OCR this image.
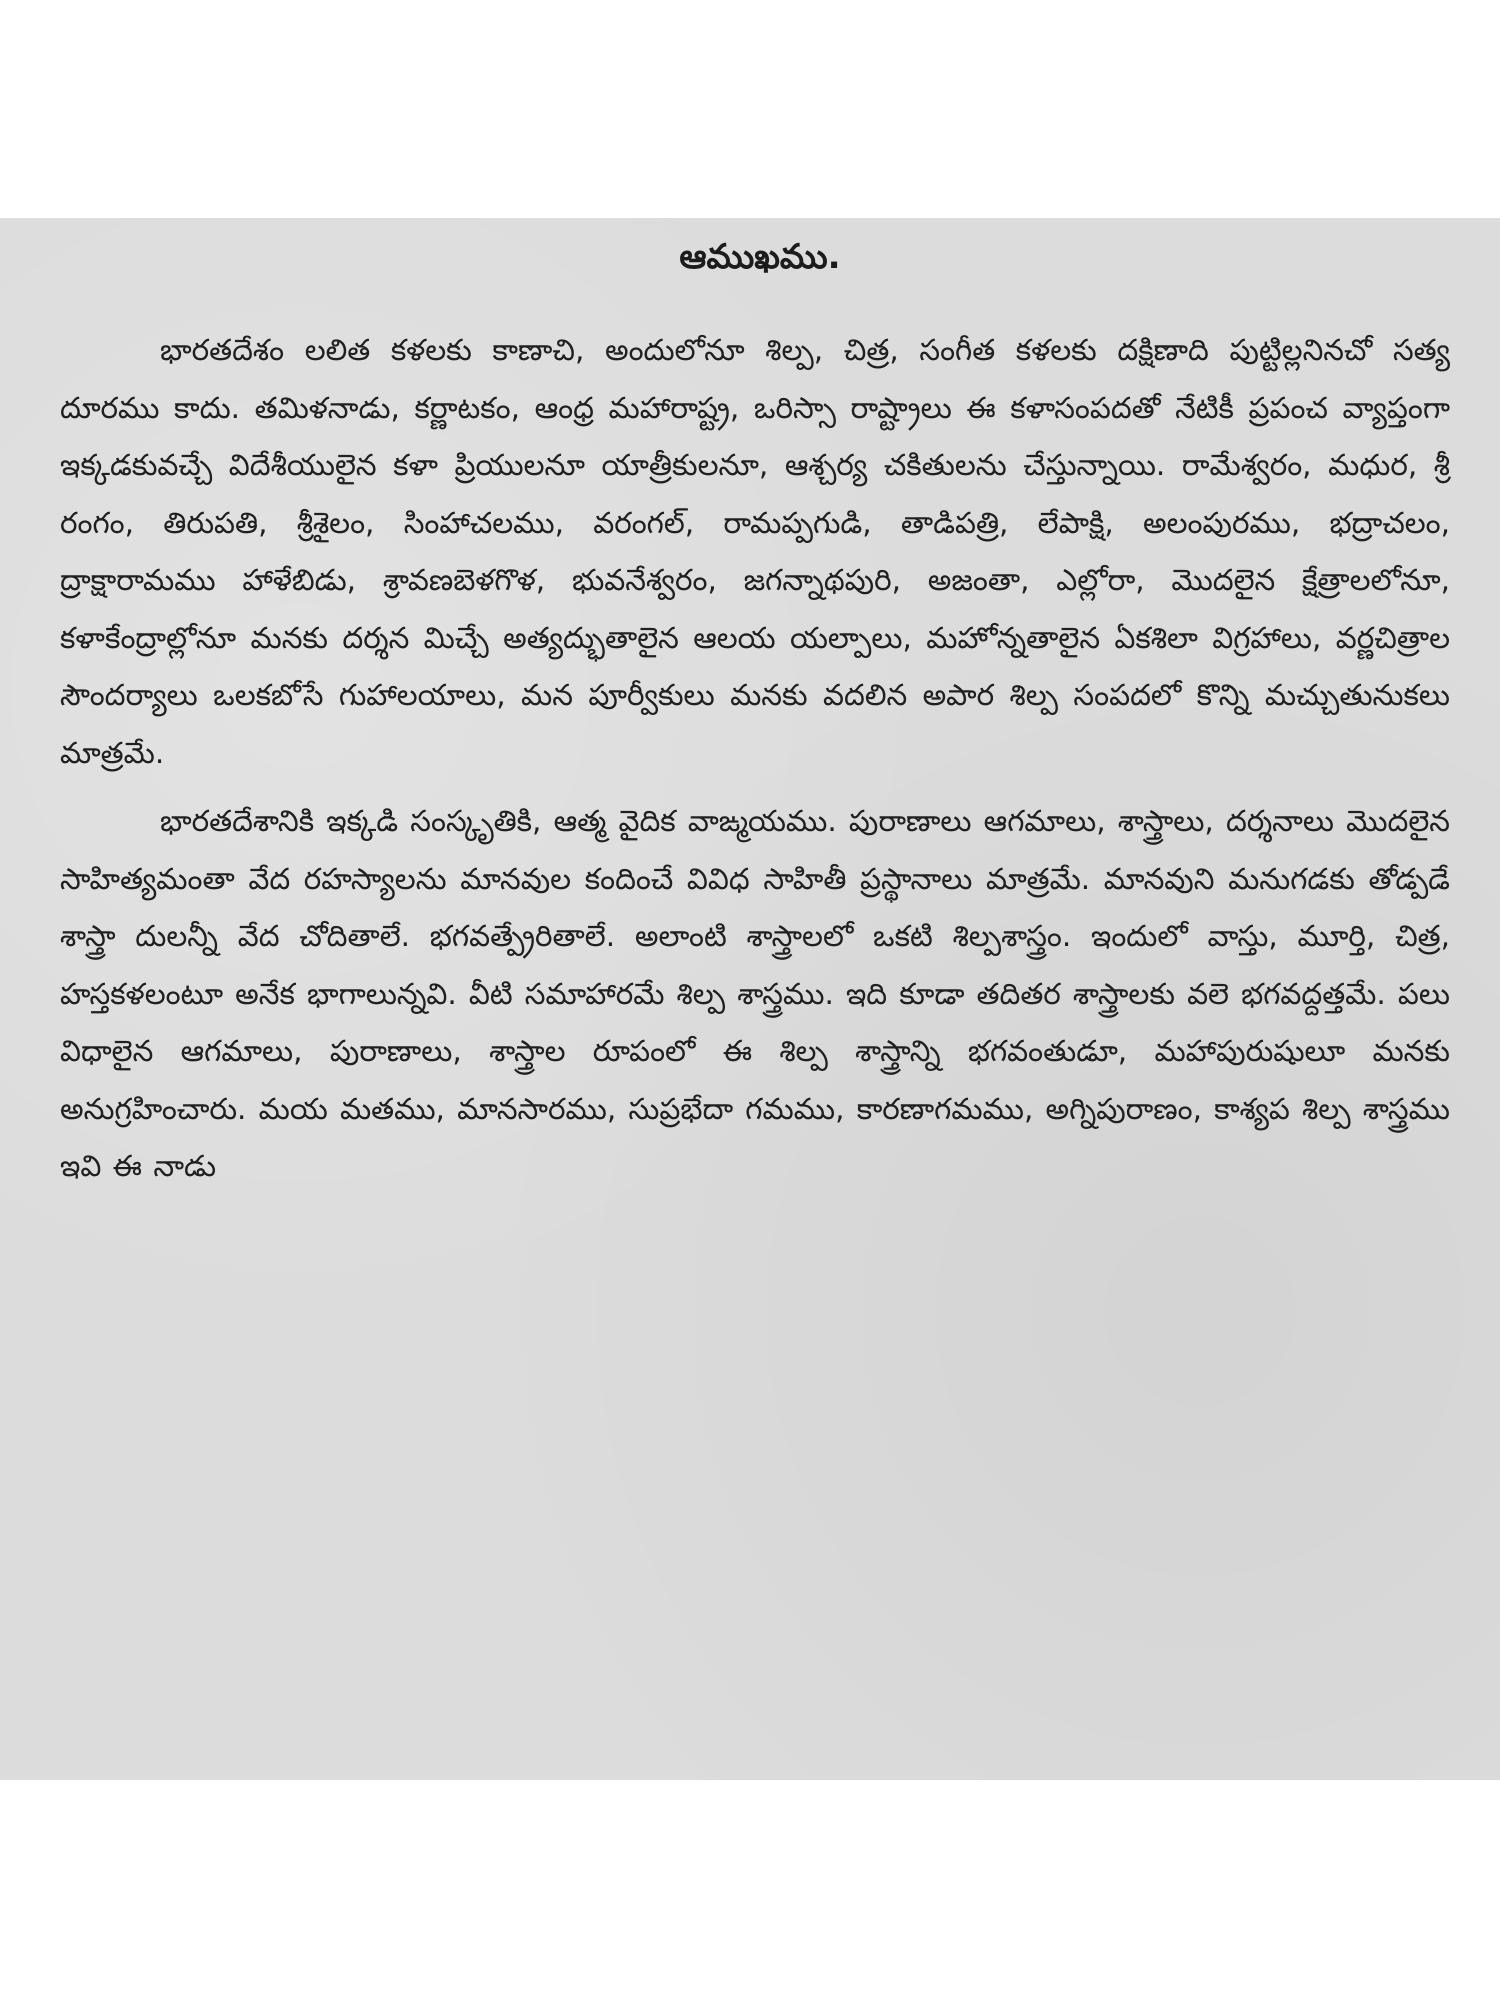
ఆముఖము.

భారతదేశం లలిత కళలకు కాణాచి, అందులోనూ శిల్ప, చిత్ర, సంగీత కళలకు దక్షిణాది పుట్టిల్లనినచో సత్య దూరము కాదు. తమిళనాడు, కర్ణాటకం, ఆంధ్ర మహారాష్ట్ర, ఒరిస్సా రాష్ట్రాలు ఈ కళాసంపదతో నేటికీ ప్రపంచ వ్యాప్తంగా ఇక్కడకువచ్చే విదేశీయులైన కళా ప్రియులనూ యాత్రీకులనూ, ఆశ్చర్య చకితులను చేస్తున్నాయి. రామేశ్వరం, మధుర, శ్రీ రంగం, తిరుపతి, శ్రీశైలం, సింహాచలము, వరంగల్, రామప్పగుడి, తాడిపత్రి, లేపాక్షి, అలంపురము, భద్రాచలం, ద్రాక్షారామము హాళేబిడు, శ్రావణబెళగొళ, భువనేశ్వరం, జగన్నాథపురి, అజంతా, ఎల్లోరా, మొదలైన క్షేత్రాలలోనూ, కళాకేంద్రాల్లోనూ మనకు దర్శన మిచ్చే అత్యద్భుతాలైన ఆలయ యల్పాలు, మహోన్నతాలైన ఏకశిలా విగ్రహాలు, వర్ణచిత్రాల సౌందర్యాలు ఒలకబోసే గుహాలయాలు, మన పూర్వీకులు మనకు వదలిన అపార శిల్ప సంపదలో కొన్ని మచ్చుతునుకలు మాత్రమే.

భారతదేశానికి ఇక్కడి సంస్కృతికి, ఆత్మ వైదిక వాఙ్మయము. పురాణాలు ఆగమాలు, శాస్త్రాలు, దర్శనాలు మొదలైన సాహిత్యమంతా వేద రహస్యాలను మానవుల కందించే వివిధ సాహితీ ప్రస్థానాలు మాత్రమే. మానవుని మనుగడకు తోడ్పడే శాస్త్రా దులన్నీ వేద చోదితాలే. భగవత్ప్రేరితాలే. అలాంటి శాస్త్రాలలో ఒకటి శిల్పశాస్త్రం. ఇందులో వాస్తు, మూర్తి, చిత్ర, హస్తకళలంటూ అనేక భాగాలున్నవి. వీటి సమాహారమే శిల్ప శాస్త్రము. ఇది కూడా తదితర శాస్త్రాలకు వలె భగవద్దత్తమే. పలు విధాలైన ఆగమాలు, పురాణాలు, శాస్త్రాల రూపంలో ఈ శిల్ప శాస్త్రాన్ని భగవంతుడూ, మహాపురుషులూ మనకు అనుగ్రహించారు. మయ మతము, మానసారము, సుప్రభేదా గమము, కారణాగమము, అగ్నిపురాణం, కాశ్యప శిల్ప శాస్త్రము ఇవి ఈ నాడు
